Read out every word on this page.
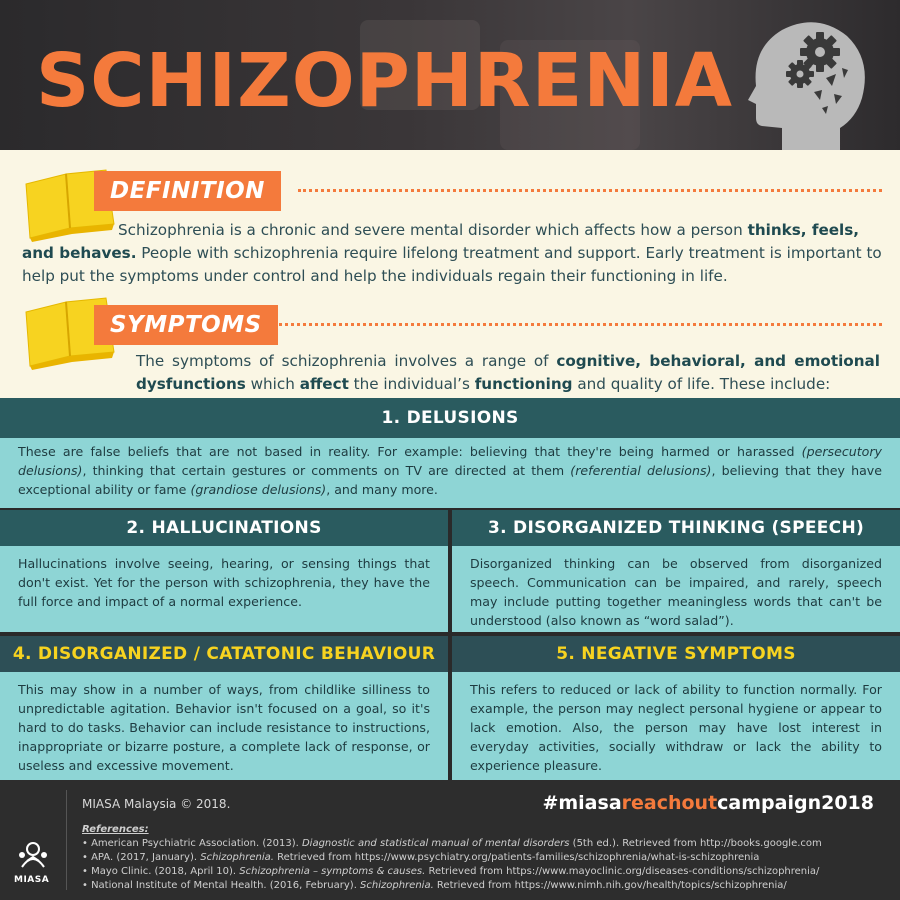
SCHIZOPHRENIA
DEFINITION
Schizophrenia is a chronic and severe mental disorder which affects how a person thinks, feels, and behaves. People with schizophrenia require lifelong treatment and support. Early treatment is important to help put the symptoms under control and help the individuals regain their functioning in life.
SYMPTOMS
The symptoms of schizophrenia involves a range of cognitive, behavioral, and emotional dysfunctions which affect the individual’s functioning and quality of life. These include:
1. DELUSIONS
These are false beliefs that are not based in reality. For example: believing that they're being harmed or harassed (persecutory delusions), thinking that certain gestures or comments on TV are directed at them (referential delusions), believing that they have exceptional ability or fame (grandiose delusions), and many more.
2. HALLUCINATIONS	3. DISORGANIZED THINKING (SPEECH)
Hallucinations involve seeing, hearing, or sensing things that don't exist. Yet for the person with schizophrenia, they have the full force and impact of a normal experience.
Disorganized thinking can be observed from disorganized speech. Communication can be impaired, and rarely, speech may include putting together meaningless words that can't be understood (also known as “word salad”).
4. DISORGANIZED / CATATONIC BEHAVIOUR	5. NEGATIVE SYMPTOMS
This may show in a number of ways, from childlike silliness to unpredictable agitation. Behavior isn't focused on a goal, so it's hard to do tasks. Behavior can include resistance to instructions, inappropriate or bizarre posture, a complete lack of response, or useless and excessive movement.
This refers to reduced or lack of ability to function normally. For example, the person may neglect personal hygiene or appear to lack emotion. Also, the person may have lost interest in everyday activities, socially withdraw or lack the ability to experience pleasure.
MIASA
MIASA Malaysia © 2018.	#miasareachoutcampaign2018
References:
• American Psychiatric Association. (2013). Diagnostic and statistical manual of mental disorders (5th ed.). Retrieved from http://books.google.com
• APA. (2017, January). Schizophrenia. Retrieved from https://www.psychiatry.org/patients-families/schizophrenia/what-is-schizophrenia
• Mayo Clinic. (2018, April 10). Schizophrenia – symptoms & causes. Retrieved from https://www.mayoclinic.org/diseases-conditions/schizophrenia/
• National Institute of Mental Health. (2016, February). Schizophrenia. Retrieved from https://www.nimh.nih.gov/health/topics/schizophrenia/
